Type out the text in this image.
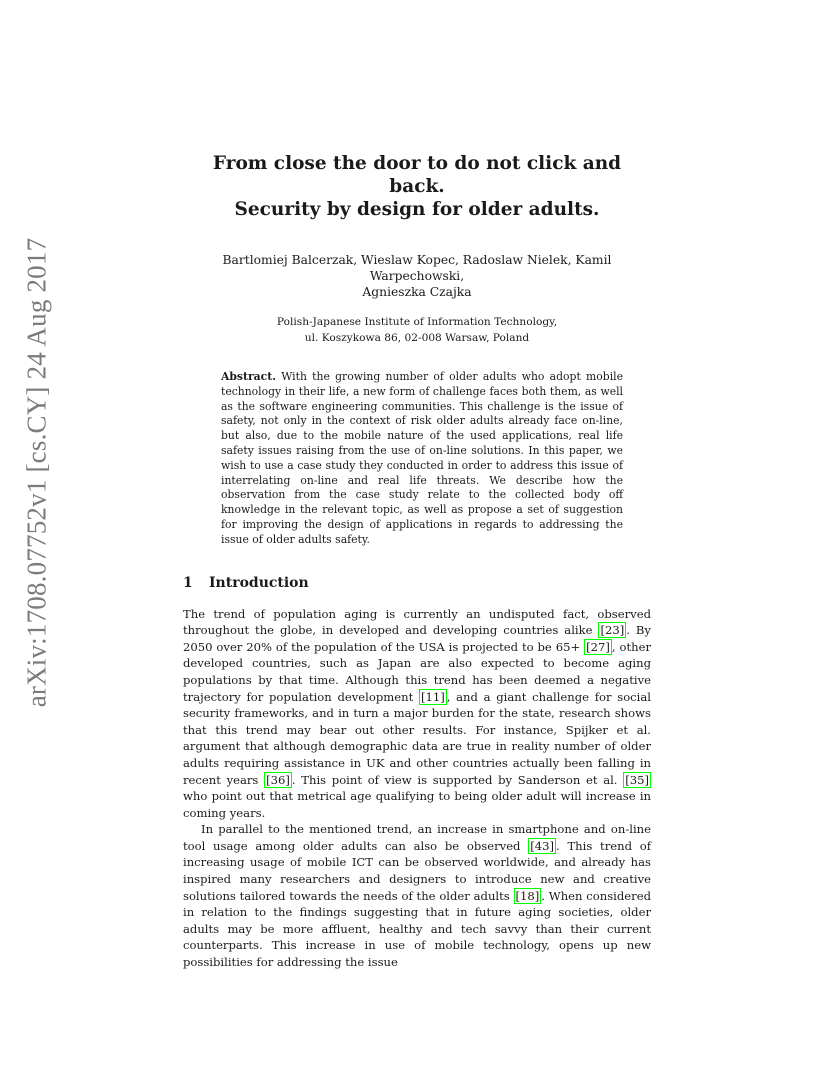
arXiv:1708.07752v1 [cs.CY] 24 Aug 2017
From close the door to do not click and back.
Security by design for older adults.
Bartlomiej Balcerzak, Wieslaw Kopec, Radoslaw Nielek, Kamil Warpechowski,
Agnieszka Czajka
Polish-Japanese Institute of Information Technology,
ul. Koszykowa 86, 02-008 Warsaw, Poland
Abstract. With the growing number of older adults who adopt mobile technology in their life, a new form of challenge faces both them, as well as the software engineering communities. This challenge is the issue of safety, not only in the context of risk older adults already face on-line, but also, due to the mobile nature of the used applications, real life safety issues raising from the use of on-line solutions. In this paper, we wish to use a case study they conducted in order to address this issue of interrelating on-line and real life threats. We describe how the observation from the case study relate to the collected body off knowledge in the relevant topic, as well as propose a set of suggestion for improving the design of applications in regards to addressing the issue of older adults safety.
1 Introduction

The trend of population aging is currently an undisputed fact, observed throughout the globe, in developed and developing countries alike [23] . By 2050 over 20% of the population of the USA is projected to be 65+ [27] , other developed countries, such as Japan are also expected to become aging populations by that time. Although this trend has been deemed a negative trajectory for population development [11] , and a giant challenge for social security frameworks, and in turn a major burden for the state, research shows that this trend may bear out other results. For instance, Spijker et al. argument that although demographic data are true in reality number of older adults requiring assistance in UK and other countries actually been falling in recent years [36] . This point of view is supported by Sanderson et al. [35] who point out that metrical age qualifying to being older adult will increase in coming years.

In parallel to the mentioned trend, an increase in smartphone and on-line tool usage among older adults can also be observed [43] . This trend of increasing usage of mobile ICT can be observed worldwide, and already has inspired many researchers and designers to introduce new and creative solutions tailored towards the needs of the older adults [18] . When considered in relation to the findings suggesting that in future aging societies, older adults may be more affluent, healthy and tech savvy than their current counterparts. This increase in use of mobile technology, opens up new possibilities for addressing the issue
